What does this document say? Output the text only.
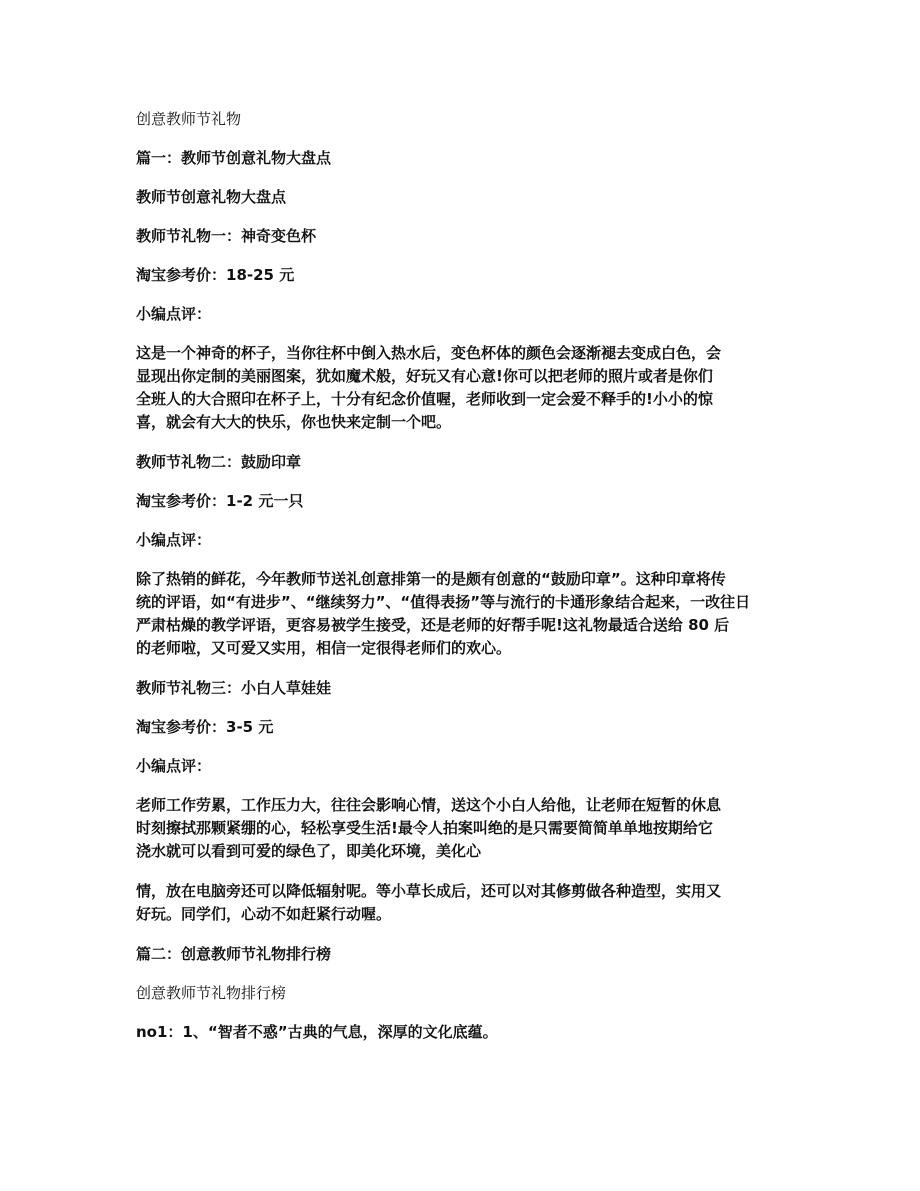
创意教师节礼物

篇一：教师节创意礼物大盘点

教师节创意礼物大盘点

教师节礼物一：神奇变色杯

淘宝参考价：18-25 元

小编点评：

这是一个神奇的杯子，当你往杯中倒入热水后，变色杯体的颜色会逐渐褪去变成白色，会
显现出你定制的美丽图案，犹如魔术般，好玩又有心意!你可以把老师的照片或者是你们
全班人的大合照印在杯子上，十分有纪念价值喔，老师收到一定会爱不释手的!小小的惊
喜，就会有大大的快乐，你也快来定制一个吧。

教师节礼物二：鼓励印章

淘宝参考价：1-2 元一只

小编点评：

除了热销的鲜花，今年教师节送礼创意排第一的是颇有创意的“鼓励印章”。这种印章将传
统的评语，如“有进步”、“继续努力”、“值得表扬”等与流行的卡通形象结合起来，一改往日
严肃枯燥的教学评语，更容易被学生接受，还是老师的好帮手呢!这礼物最适合送给 80 后
的老师啦，又可爱又实用，相信一定很得老师们的欢心。

教师节礼物三：小白人草娃娃

淘宝参考价：3-5 元

小编点评：

老师工作劳累，工作压力大，往往会影响心情，送这个小白人给他，让老师在短暂的休息
时刻擦拭那颗紧绷的心，轻松享受生活!最令人拍案叫绝的是只需要简简单单地按期给它
浇水就可以看到可爱的绿色了，即美化环境，美化心
情，放在电脑旁还可以降低辐射呢。等小草长成后，还可以对其修剪做各种造型，实用又
好玩。同学们，心动不如赶紧行动喔。

篇二：创意教师节礼物排行榜

创意教师节礼物排行榜

no1：1、“智者不惑”古典的气息，深厚的文化底蕴。
